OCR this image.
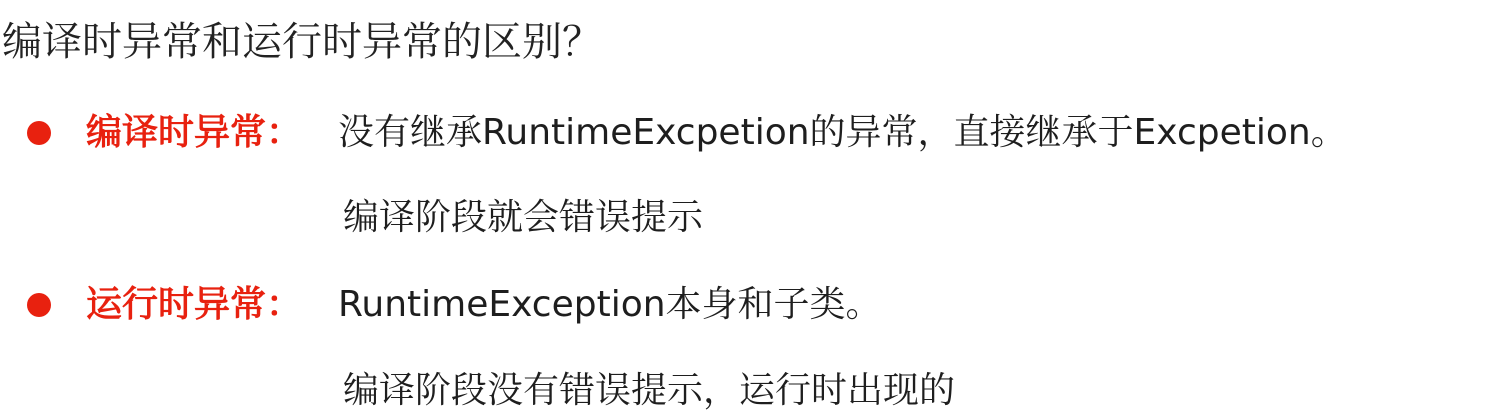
编译时异常和运行时异常的区别？
编译时异常： 没有继承RuntimeExcpetion的异常，直接继承于Excpetion。
编译阶段就会错误提示
运行时异常： RuntimeException本身和子类。
编译阶段没有错误提示，运行时出现的
